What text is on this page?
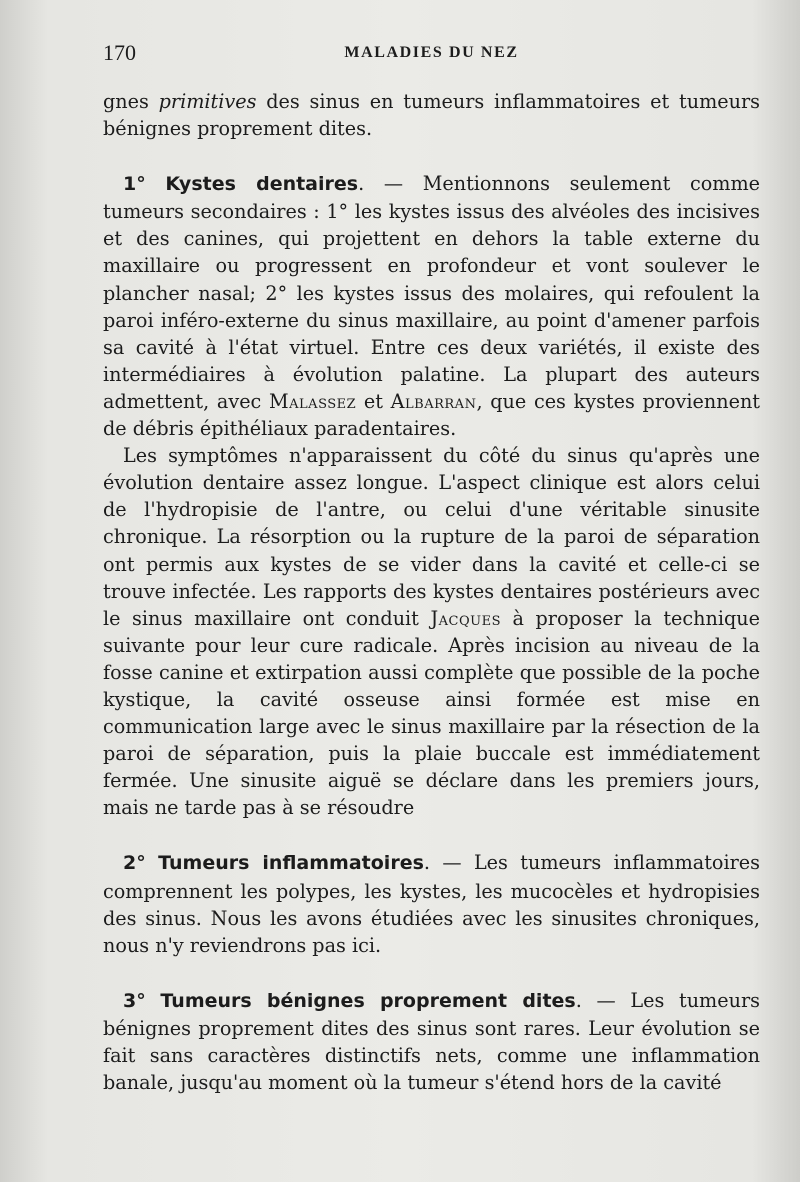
170	MALADIES DU NEZ

gnes primitives des sinus en tumeurs inflammatoires et tumeurs bénignes proprement dites.

1° Kystes dentaires. — Mentionnons seulement comme tumeurs secondaires : 1° les kystes issus des alvéoles des incisives et des canines, qui projettent en dehors la table externe du maxillaire ou progressent en profondeur et vont soulever le plancher nasal; 2° les kystes issus des molaires, qui refoulent la paroi inféro-externe du sinus maxillaire, au point d'amener parfois sa cavité à l'état virtuel. Entre ces deux variétés, il existe des intermédiaires à évolution palatine. La plupart des auteurs admettent, avec Malassez et Albarran, que ces kystes proviennent de débris épithéliaux paradentaires.

Les symptômes n'apparaissent du côté du sinus qu'après une évolution dentaire assez longue. L'aspect clinique est alors celui de l'hydropisie de l'antre, ou celui d'une véritable sinusite chronique. La résorption ou la rupture de la paroi de séparation ont permis aux kystes de se vider dans la cavité et celle-ci se trouve infectée. Les rapports des kystes dentaires postérieurs avec le sinus maxillaire ont conduit Jacques à proposer la technique suivante pour leur cure radicale. Après incision au niveau de la fosse canine et extirpation aussi complète que possible de la poche kystique, la cavité osseuse ainsi formée est mise en communication large avec le sinus maxillaire par la résection de la paroi de séparation, puis la plaie buccale est immédiatement fermée. Une sinusite aiguë se déclare dans les premiers jours, mais ne tarde pas à se résoudre

2° Tumeurs inflammatoires. — Les tumeurs inflammatoires comprennent les polypes, les kystes, les mucocèles et hydropisies des sinus. Nous les avons étudiées avec les sinusites chroniques, nous n'y reviendrons pas ici.

3° Tumeurs bénignes proprement dites. — Les tumeurs bénignes proprement dites des sinus sont rares. Leur évolution se fait sans caractères distinctifs nets, comme une inflammation banale, jusqu'au moment où la tumeur s'étend hors de la cavité
